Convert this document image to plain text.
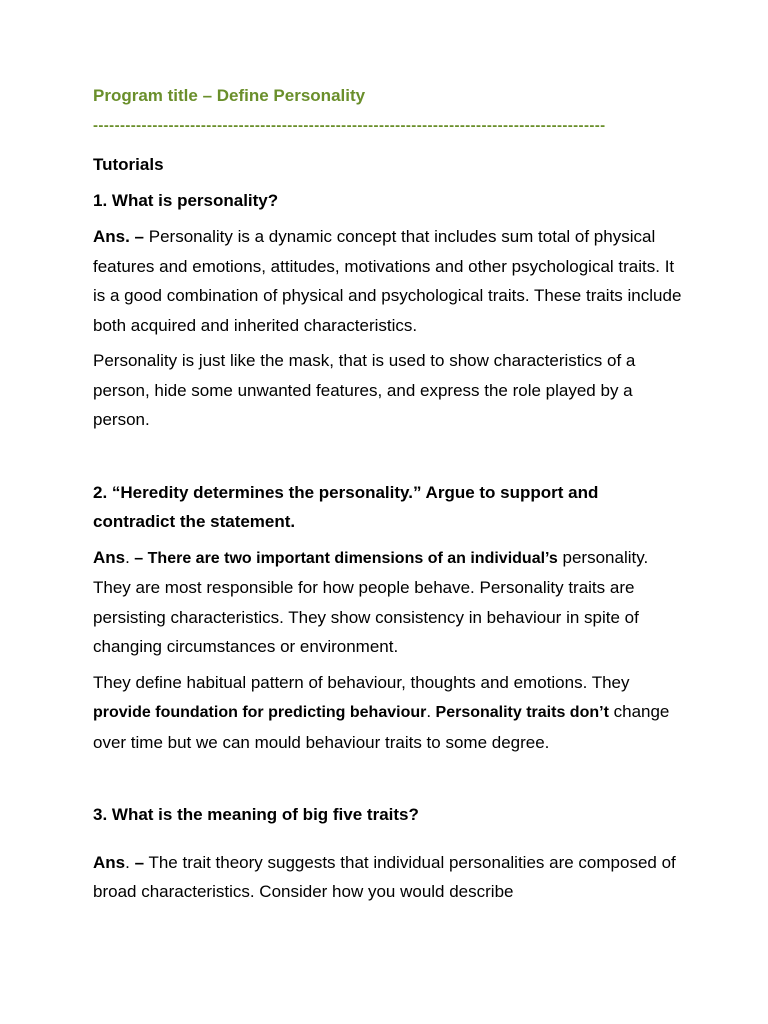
Program title – Define Personality
-----------------------------------------------------------------------------------------------
Tutorials
1. What is personality?

Ans. – Personality is a dynamic concept that includes sum total of physical features and emotions, attitudes, motivations and other psychological traits. It is a good combination of physical and psychological traits. These traits include both acquired and inherited characteristics.

Personality is just like the mask, that is used to show characteristics of a person, hide some unwanted features, and express the role played by a person.

2. “Heredity determines the personality.” Argue to support and contradict the statement.

Ans. – There are two important dimensions of an individual’s personality. They are most responsible for how people behave. Personality traits are persisting characteristics. They show consistency in behaviour in spite of changing circumstances or environment.

They define habitual pattern of behaviour, thoughts and emotions. They provide foundation for predicting behaviour. Personality traits don’t change over time but we can mould behaviour traits to some degree.

3. What is the meaning of big five traits?

Ans. – The trait theory suggests that individual personalities are composed of broad characteristics. Consider how you would describe
